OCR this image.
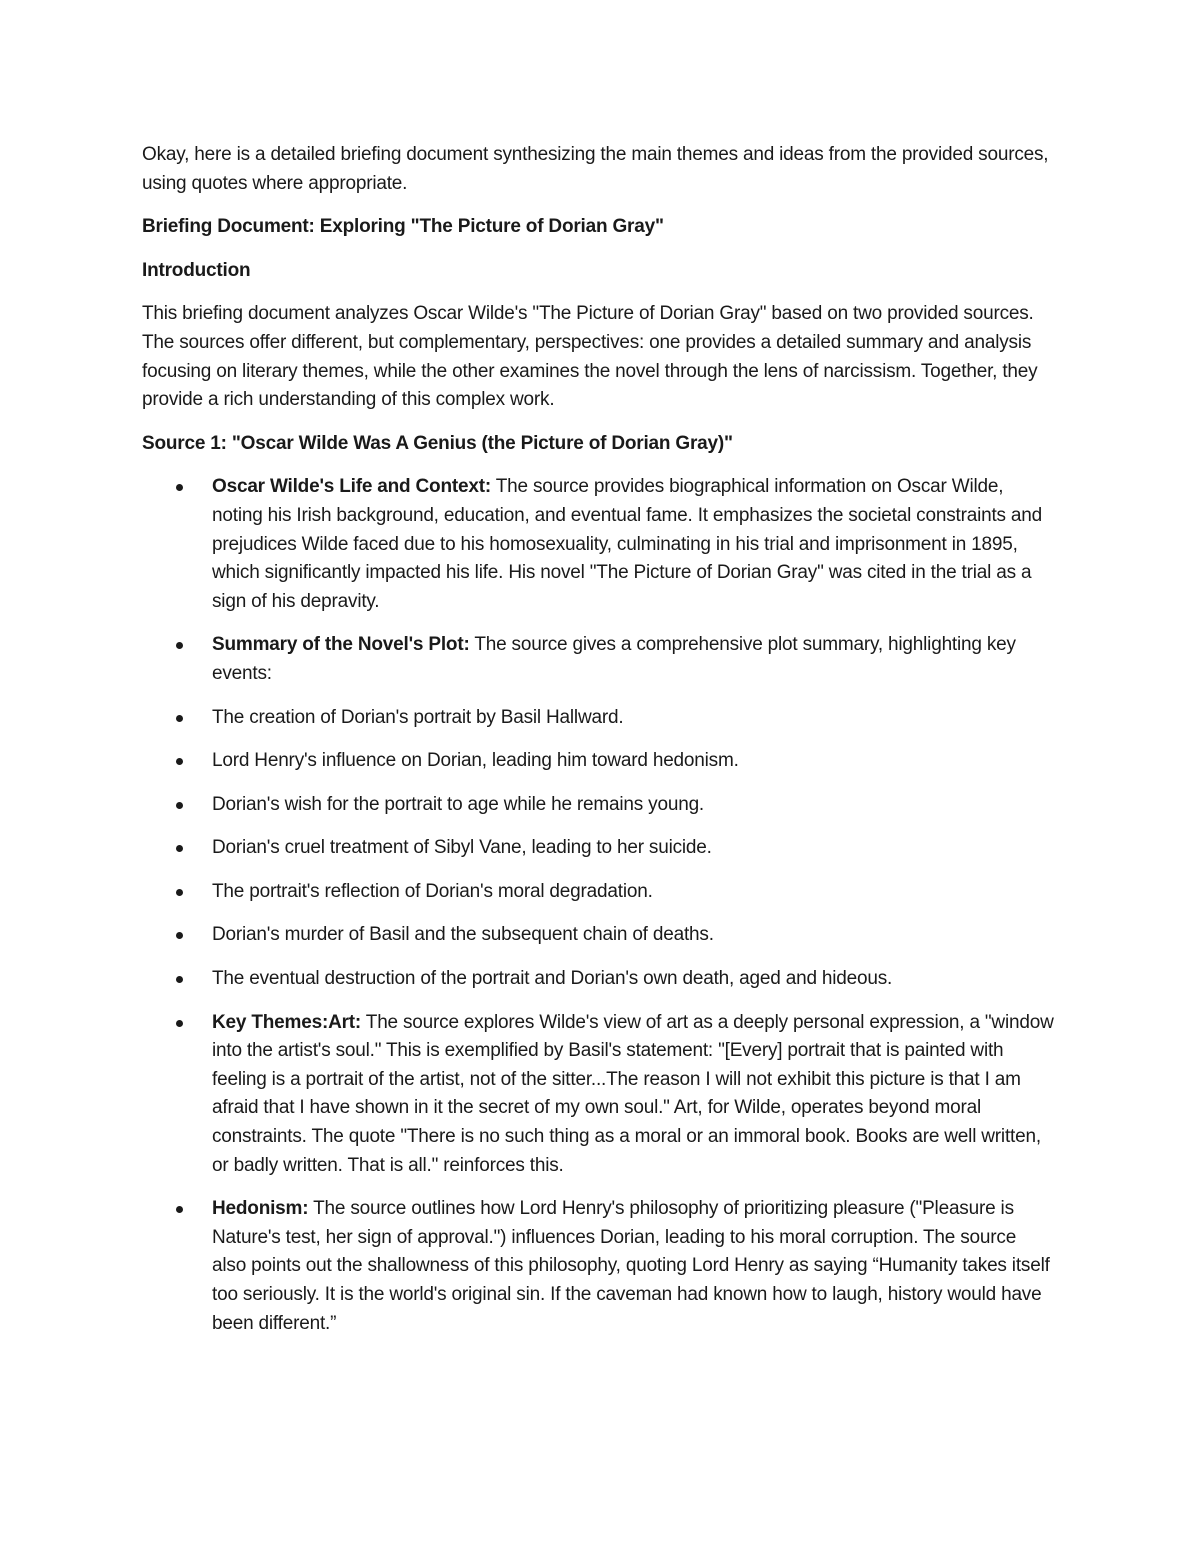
Okay, here is a detailed briefing document synthesizing the main themes and ideas from the provided sources, using quotes where appropriate.

Briefing Document: Exploring "The Picture of Dorian Gray"

Introduction

This briefing document analyzes Oscar Wilde's "The Picture of Dorian Gray" based on two provided sources. The sources offer different, but complementary, perspectives: one provides a detailed summary and analysis focusing on literary themes, while the other examines the novel through the lens of narcissism. Together, they provide a rich understanding of this complex work.

Source 1: "Oscar Wilde Was A Genius (the Picture of Dorian Gray)"

Oscar Wilde's Life and Context: The source provides biographical information on Oscar Wilde, noting his Irish background, education, and eventual fame. It emphasizes the societal constraints and prejudices Wilde faced due to his homosexuality, culminating in his trial and imprisonment in 1895, which significantly impacted his life. His novel "The Picture of Dorian Gray" was cited in the trial as a sign of his depravity.
Summary of the Novel's Plot: The source gives a comprehensive plot summary, highlighting key events:
The creation of Dorian's portrait by Basil Hallward.
Lord Henry's influence on Dorian, leading him toward hedonism.
Dorian's wish for the portrait to age while he remains young.
Dorian's cruel treatment of Sibyl Vane, leading to her suicide.
The portrait's reflection of Dorian's moral degradation.
Dorian's murder of Basil and the subsequent chain of deaths.
The eventual destruction of the portrait and Dorian's own death, aged and hideous.
Key Themes:Art: The source explores Wilde's view of art as a deeply personal expression, a "window into the artist's soul." This is exemplified by Basil's statement: "[Every] portrait that is painted with feeling is a portrait of the artist, not of the sitter...The reason I will not exhibit this picture is that I am afraid that I have shown in it the secret of my own soul." Art, for Wilde, operates beyond moral constraints. The quote "There is no such thing as a moral or an immoral book. Books are well written, or badly written. That is all." reinforces this.
Hedonism: The source outlines how Lord Henry's philosophy of prioritizing pleasure ("Pleasure is Nature's test, her sign of approval.") influences Dorian, leading to his moral corruption. The source also points out the shallowness of this philosophy, quoting Lord Henry as saying “Humanity takes itself too seriously. It is the world's original sin. If the caveman had known how to laugh, history would have been different.”
